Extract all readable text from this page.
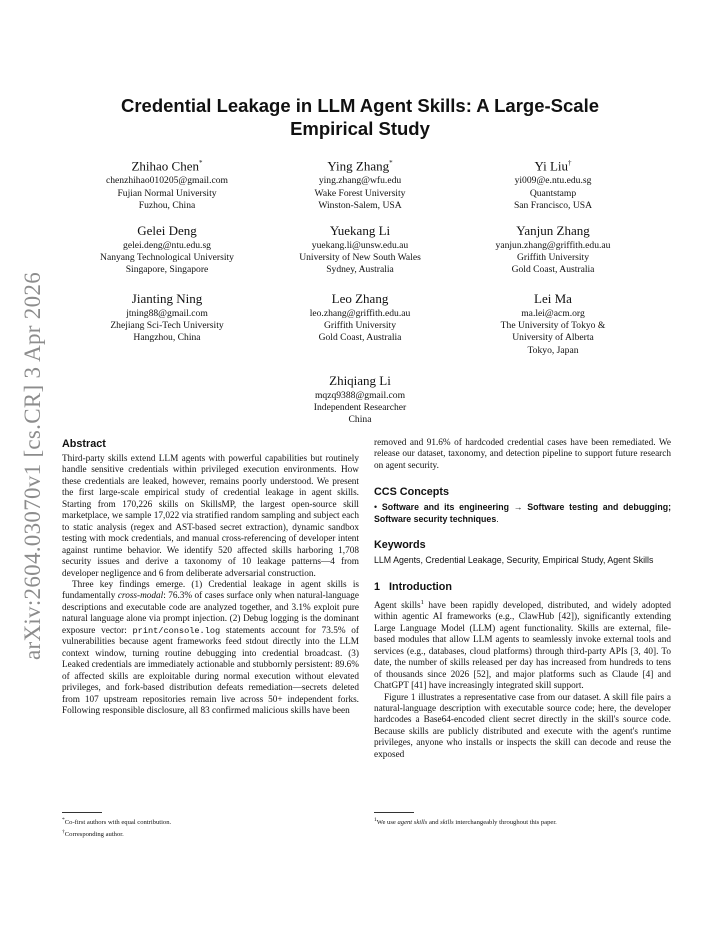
arXiv:2604.03070v1 [cs.CR] 3 Apr 2026
Credential Leakage in LLM Agent Skills: A Large-Scale Empirical Study
Zhihao Chen*
chenzhihao010205@gmail.com
Fujian Normal University
Fuzhou, China
Ying Zhang*
ying.zhang@wfu.edu
Wake Forest University
Winston-Salem, USA
Yi Liu†
yi009@e.ntu.edu.sg
Quantstamp
San Francisco, USA
Gelei Deng
gelei.deng@ntu.edu.sg
Nanyang Technological University
Singapore, Singapore
Yuekang Li
yuekang.li@unsw.edu.au
University of New South Wales
Sydney, Australia
Yanjun Zhang
yanjun.zhang@griffith.edu.au
Griffith University
Gold Coast, Australia
Jianting Ning
jtning88@gmail.com
Zhejiang Sci-Tech University
Hangzhou, China
Leo Zhang
leo.zhang@griffith.edu.au
Griffith University
Gold Coast, Australia
Lei Ma
ma.lei@acm.org
The University of Tokyo &
University of Alberta
Tokyo, Japan
Zhiqiang Li
mqzq9388@gmail.com
Independent Researcher
China
Abstract

Third-party skills extend LLM agents with powerful capabilities but routinely handle sensitive credentials within privileged execution environments. How these credentials are leaked, however, remains poorly understood. We present the first large-scale empirical study of credential leakage in agent skills. Starting from 170,226 skills on SkillsMP, the largest open-source skill marketplace, we sample 17,022 via stratified random sampling and subject each to static analysis (regex and AST-based secret extraction), dynamic sandbox testing with mock credentials, and manual cross-referencing of developer intent against runtime behavior. We identify 520 affected skills harboring 1,708 security issues and derive a taxonomy of 10 leakage patterns—4 from developer negligence and 6 from deliberate adversarial construction.

Three key findings emerge. (1) Credential leakage in agent skills is fundamentally cross-modal: 76.3% of cases surface only when natural-language descriptions and executable code are analyzed together, and 3.1% exploit pure natural language alone via prompt injection. (2) Debug logging is the dominant exposure vector: print/console.log statements account for 73.5% of vulnerabilities because agent frameworks feed stdout directly into the LLM context window, turning routine debugging into credential broadcast. (3) Leaked credentials are immediately actionable and stubbornly persistent: 89.6% of affected skills are exploitable during normal execution without elevated privileges, and fork-based distribution defeats remediation—secrets deleted from 107 upstream repositories remain live across 50+ independent forks. Following responsible disclosure, all 83 confirmed malicious skills have been

removed and 91.6% of hardcoded credential cases have been remediated. We release our dataset, taxonomy, and detection pipeline to support future research on agent security.

CCS Concepts
• Software and its engineering → Software testing and debugging; Software security techniques.
Keywords
LLM Agents, Credential Leakage, Security, Empirical Study, Agent Skills
1 Introduction

Agent skills$^1$ have been rapidly developed, distributed, and widely adopted within agentic AI frameworks (e.g., ClawHub [42]), significantly extending Large Language Model (LLM) agent functionality. Skills are external, file-based modules that allow LLM agents to seamlessly invoke external tools and services (e.g., databases, cloud platforms) through third-party APIs [3, 40]. To date, the number of skills released per day has increased from hundreds to tens of thousands since 2026 [52], and major platforms such as Claude [4] and ChatGPT [41] have increasingly integrated skill support.

Figure 1 illustrates a representative case from our dataset. A skill file pairs a natural-language description with executable source code; here, the developer hardcodes a Base64-encoded client secret directly in the skill's source code. Because skills are publicly distributed and execute with the agent's runtime privileges, anyone who installs or inspects the skill can decode and reuse the exposed

*Co-first authors with equal contribution.
†Corresponding author.
$^1$We use agent skills and skills interchangeably throughout this paper.
